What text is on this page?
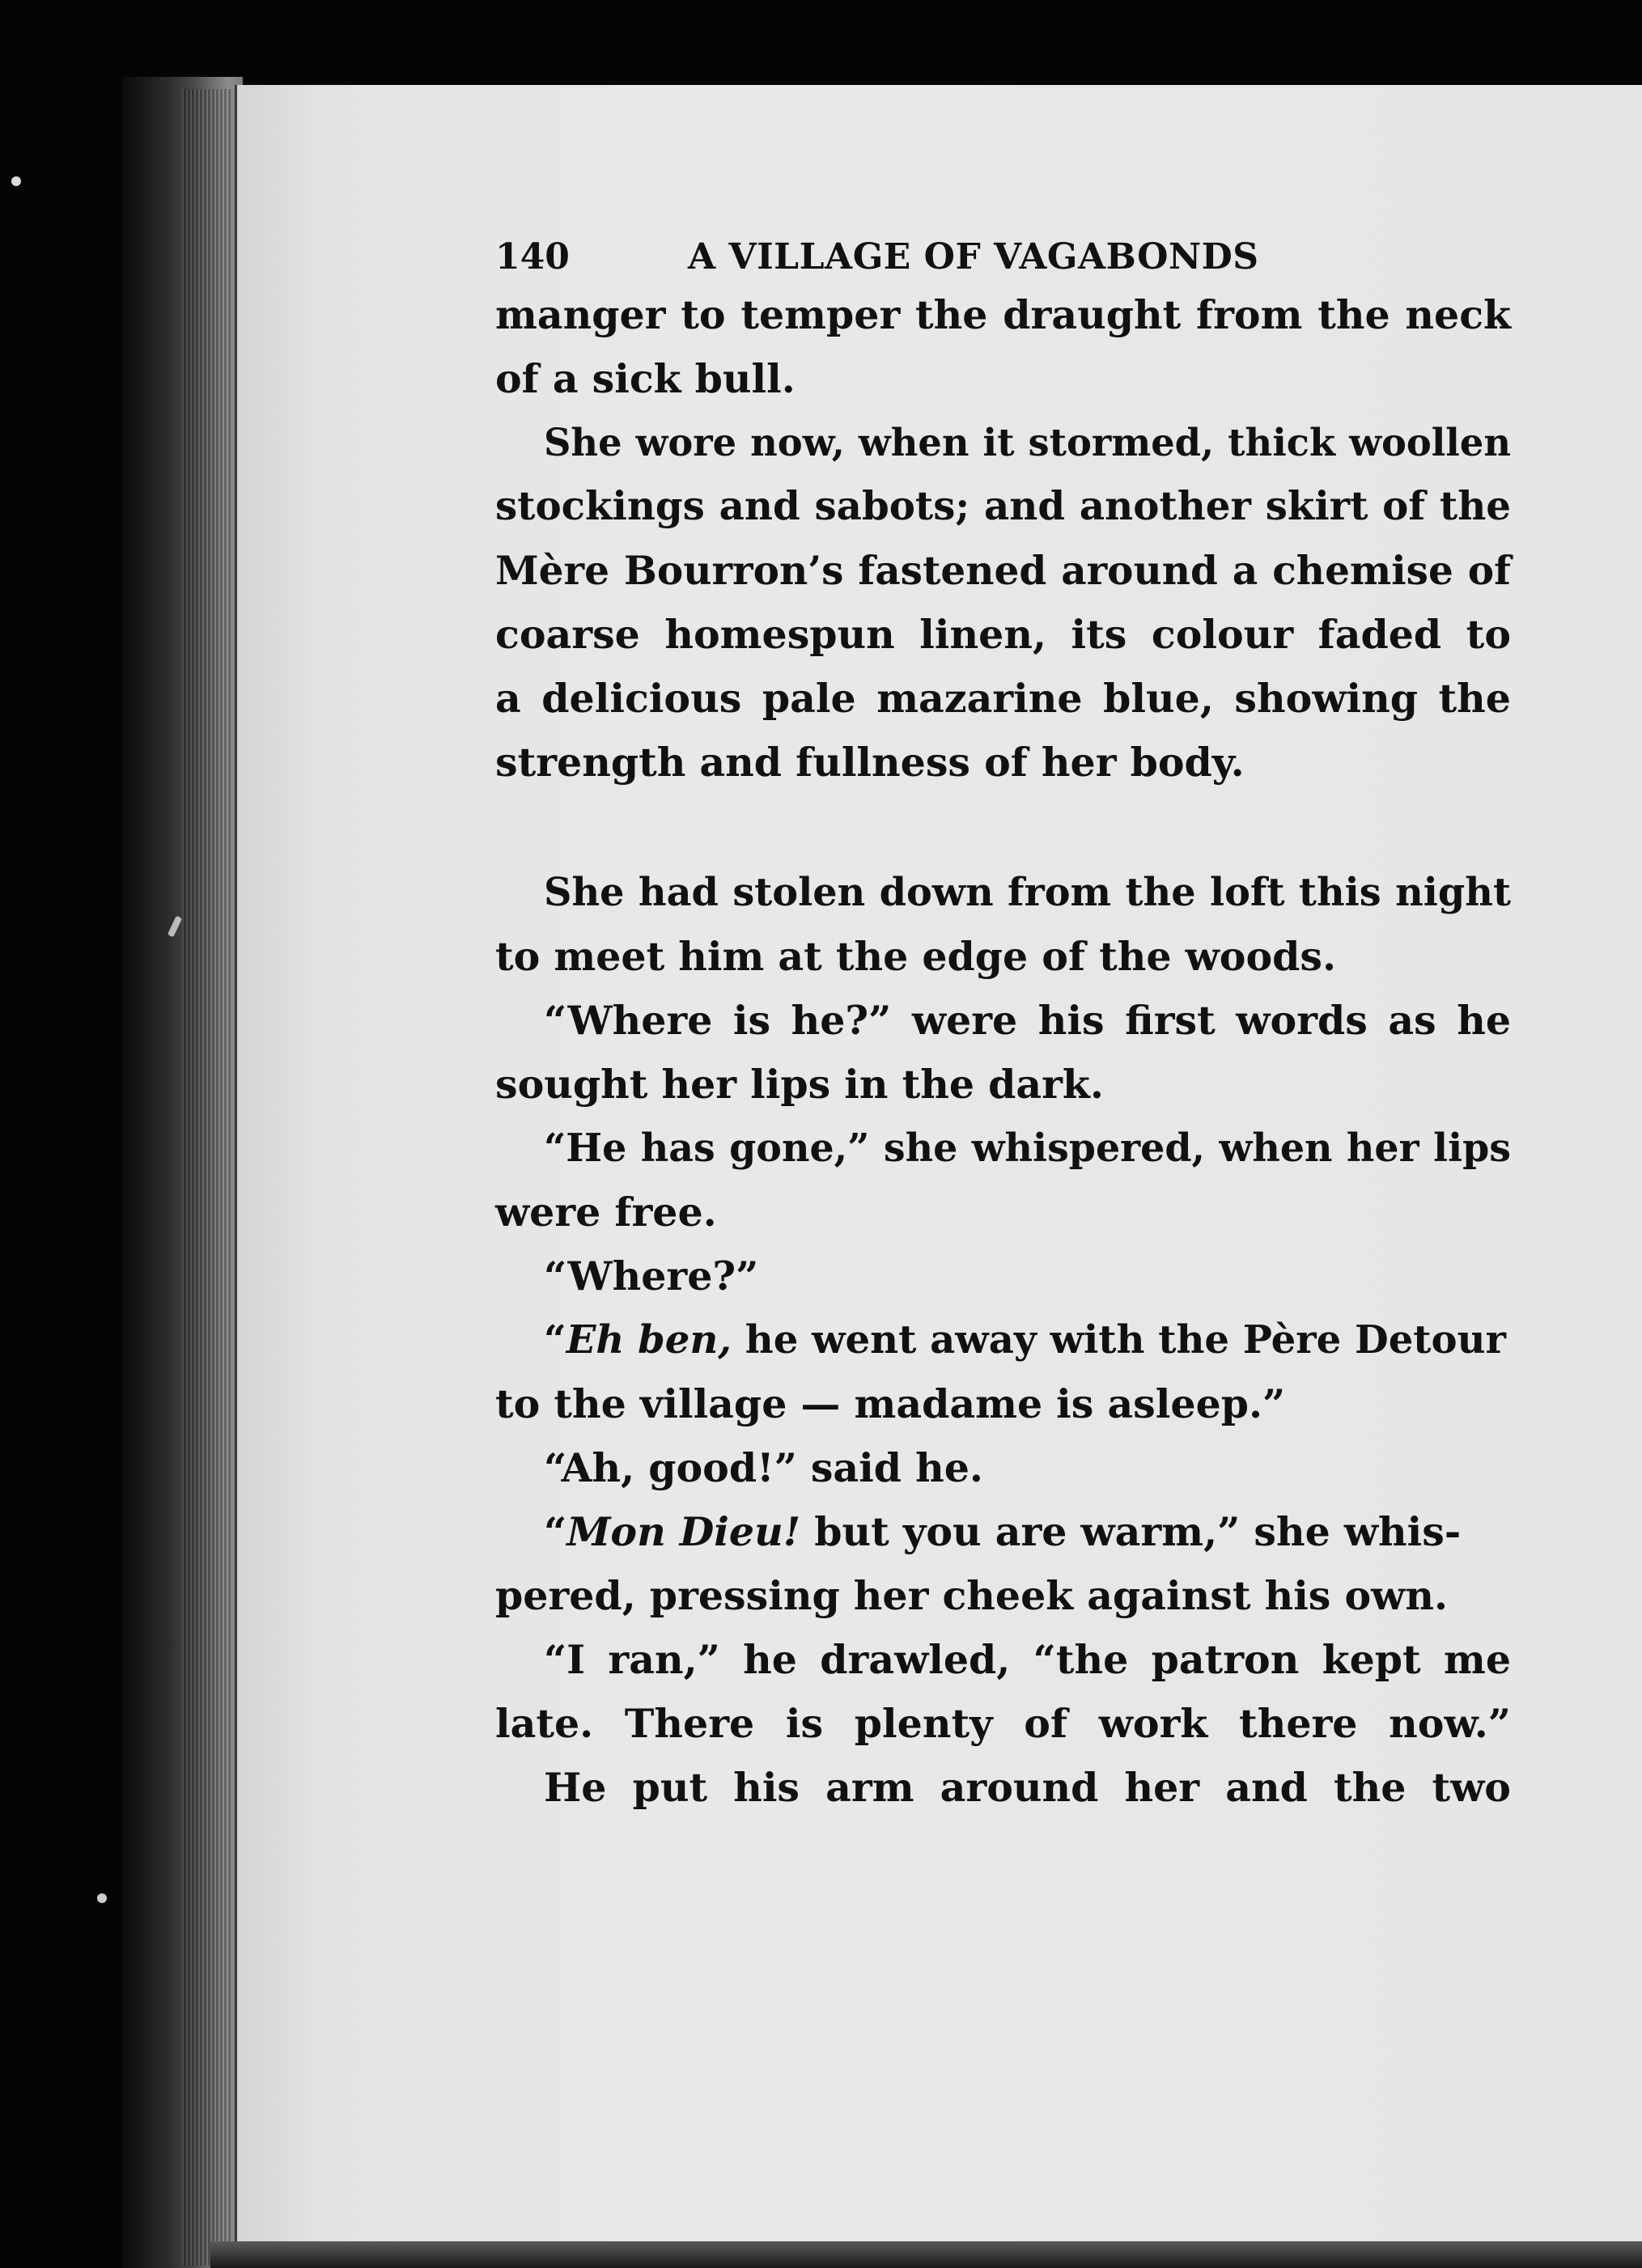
140	A VILLAGE OF VAGABONDS

manger to temper the draught from the neck
of a sick bull.

She wore now, when it stormed, thick woollen
stockings and sabots; and another skirt of the
Mère Bourron’s fastened around a chemise of
coarse homespun linen, its colour faded to
a delicious pale mazarine blue, showing the
strength and fullness of her body.

She had stolen down from the loft this night
to meet him at the edge of the woods.

“Where is he?” were his first words as he
sought her lips in the dark.

“He has gone,” she whispered, when her lips
were free.

“Where?”

“Eh ben, he went away with the Père Detour
to the village — madame is asleep.”

“Ah, good!” said he.

“Mon Dieu! but you are warm,” she whis-
pered, pressing her cheek against his own.

“I ran,” he drawled, “the patron kept me
late. There is plenty of work there now.”

He put his arm around her and the two
